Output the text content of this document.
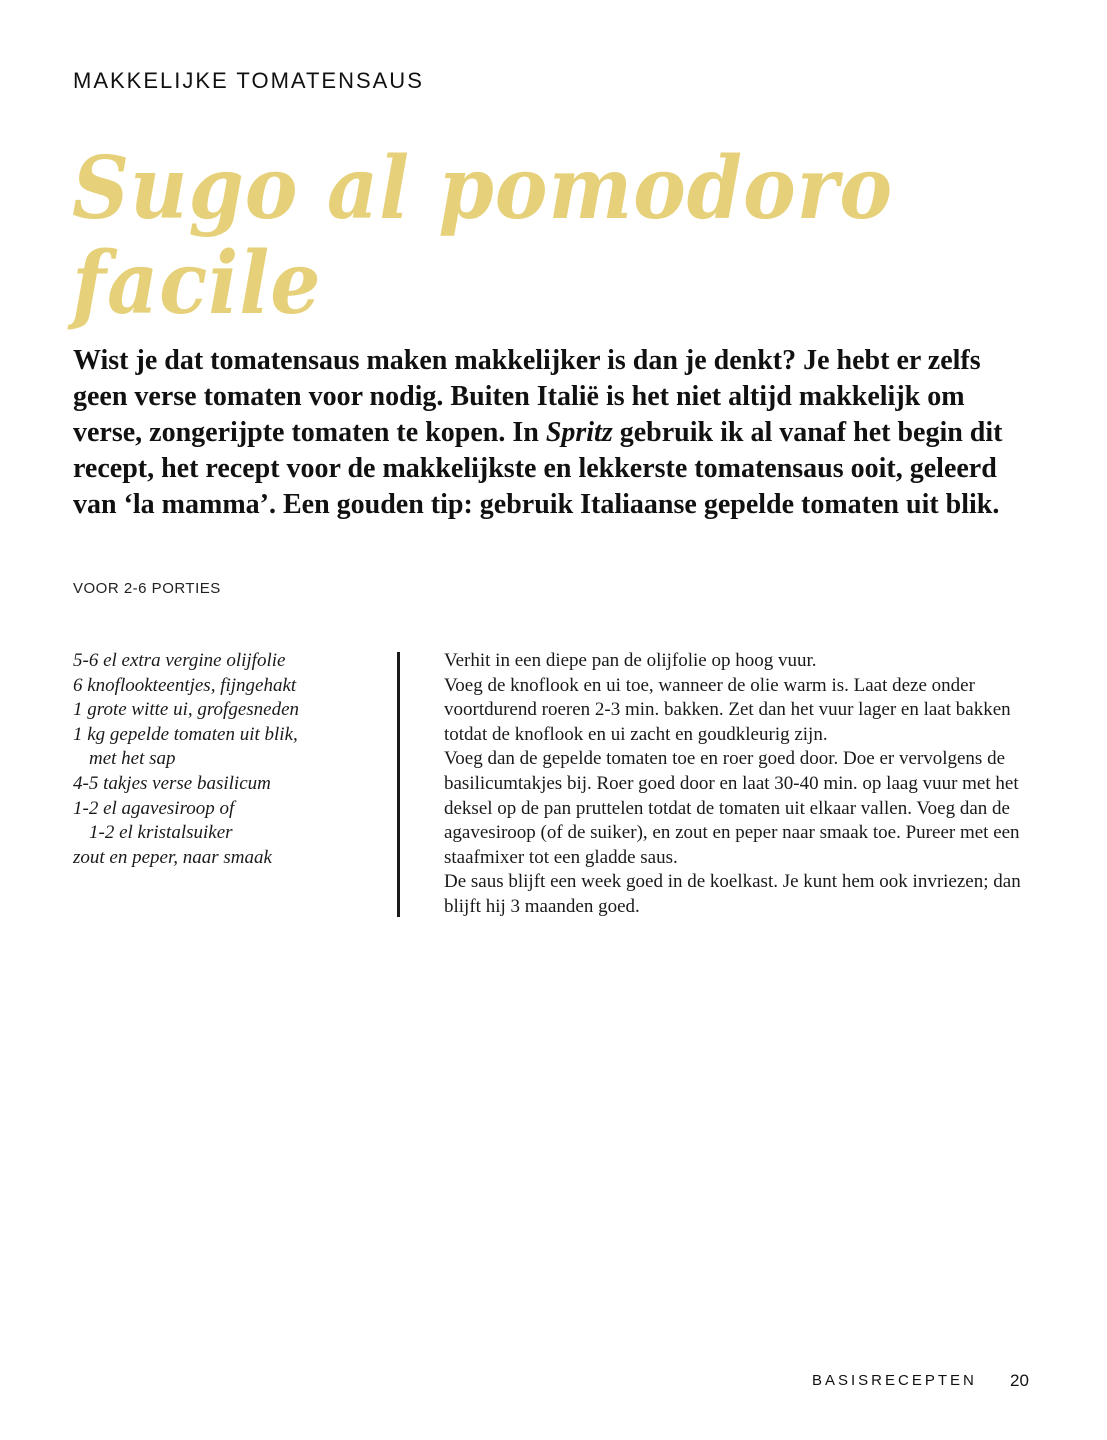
MAKKELIJKE TOMATENSAUS
Sugo al pomodoro facile

Wist je dat tomatensaus maken makkelijker is dan je denkt? Je hebt er zelfs geen verse tomaten voor nodig. Buiten Italië is het niet altijd makkelijk om verse, zongerijpte tomaten te kopen. In Spritz gebruik ik al vanaf het begin dit recept, het recept voor de makkelijkste en lekkerste tomatensaus ooit, geleerd van ‘la mamma’. Een gouden tip: gebruik Italiaanse gepelde tomaten uit blik.

VOOR 2-6 PORTIES
5-6 el extra vergine olijfolie
6 knoflookteentjes, fijngehakt
1 grote witte ui, grofgesneden
1 kg gepelde tomaten uit blik,
met het sap
4-5 takjes verse basilicum
1-2 el agavesiroop of
1-2 el kristalsuiker
zout en peper, naar smaak

Verhit in een diepe pan de olijfolie op hoog vuur.

Voeg de knoflook en ui toe, wanneer de olie warm is. Laat deze onder voortdurend roeren 2-3 min. bakken. Zet dan het vuur lager en laat bakken totdat de knoflook en ui zacht en goudkleurig zijn.

Voeg dan de gepelde tomaten toe en roer goed door. Doe er vervolgens de basilicumtakjes bij. Roer goed door en laat 30-40 min. op laag vuur met het deksel op de pan pruttelen totdat de tomaten uit elkaar vallen. Voeg dan de agavesiroop (of de suiker), en zout en peper naar smaak toe. Pureer met een staafmixer tot een gladde saus.

De saus blijft een week goed in de koelkast. Je kunt hem ook invriezen; dan blijft hij 3 maanden goed.

BASISRECEPTEN 20
